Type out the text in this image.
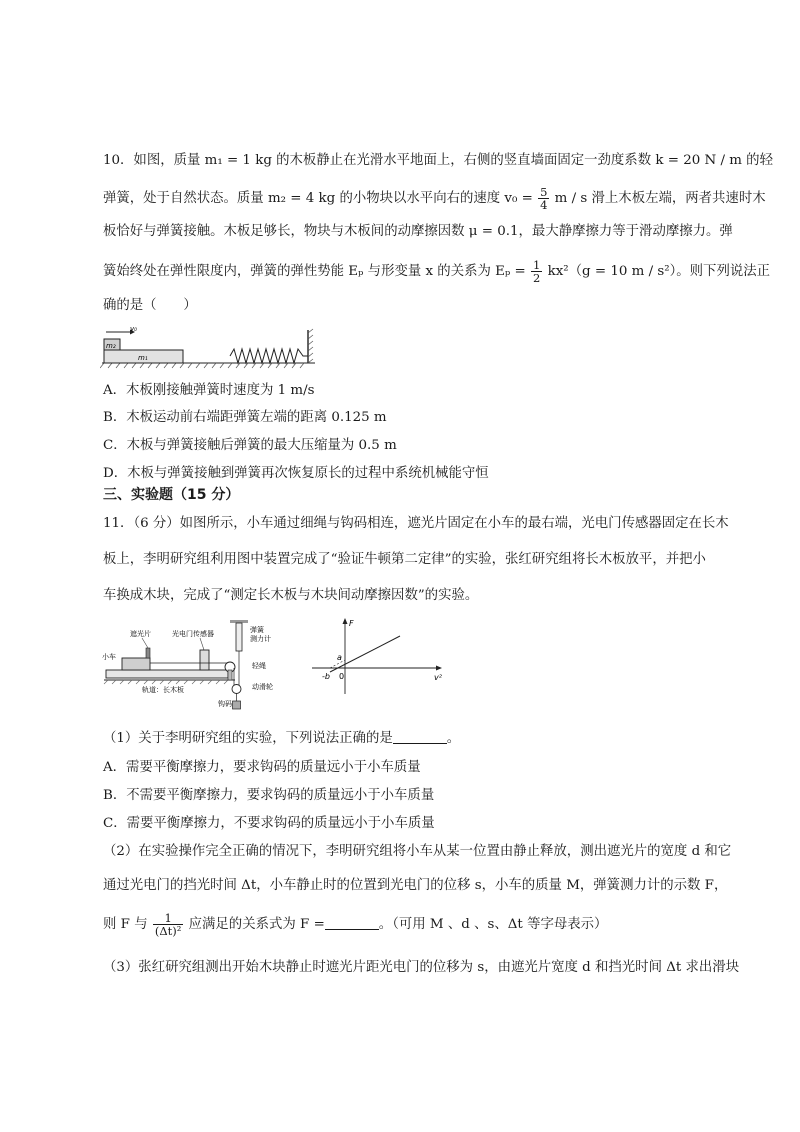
10．如图，质量 m₁ = 1 kg 的木板静止在光滑水平地面上，右侧的竖直墙面固定一劲度系数 k = 20 N / m 的轻
弹簧，处于自然状态。质量 m₂ = 4 kg 的小物块以水平向右的速度 $v_0 = \frac{5}{4}$ m / s 滑上木板左端，两者共速时木
板恰好与弹簧接触。木板足够长，物块与木板间的动摩擦因数 μ = 0.1，最大静摩擦力等于滑动摩擦力。弹
簧始终处在弹性限度内，弹簧的弹性势能 Eₚ 与形变量 x 的关系为 $E_p = \frac{1}{2} kx^2(g = 10$ m / s²）。则下列说法正
确的是（　　）
m₂
m₁
v₀
A．木板刚接触弹簧时速度为 1 m/s
B．木板运动前右端距弹簧左端的距离 0.125 m
C．木板与弹簧接触后弹簧的最大压缩量为 0.5 m
D．木板与弹簧接触到弹簧再次恢复原长的过程中系统机械能守恒
三、实验题（15 分）
11．（6 分）如图所示，小车通过细绳与钩码相连，遮光片固定在小车的最右端，光电门传感器固定在长木
板上，李明研究组利用图中装置完成了“验证牛顿第二定律”的实验，张红研究组将长木板放平，并把小
车换成木块，完成了“测定长木板与木块间动摩擦因数”的实验。
遮光片	光电门传感器	弹簧
测力计
小车
轻绳
动滑轮
轨道：长木板
钩码
F
v²
a
-b 0
（1）关于李明研究组的实验，下列说法正确的是	。
A．需要平衡摩擦力，要求钩码的质量远小于小车质量
B．不需要平衡摩擦力，要求钩码的质量远小于小车质量
C．需要平衡摩擦力，不要求钩码的质量远小于小车质量
（2）在实验操作完全正确的情况下，李明研究组将小车从某一位置由静止释放，测出遮光片的宽度 d 和它
通过光电门的挡光时间 Δt，小车静止时的位置到光电门的位移 s，小车的质量 M，弹簧测力计的示数 F，
则 F 与 $\frac{1}{\text{(Δt)²}}$ 应满足的关系式为 F =	。（可用 M 、d 、s、Δt 等字母表示）
（3）张红研究组测出开始木块静止时遮光片距光电门的位移为 s，由遮光片宽度 d 和挡光时间 Δt 求出滑块
